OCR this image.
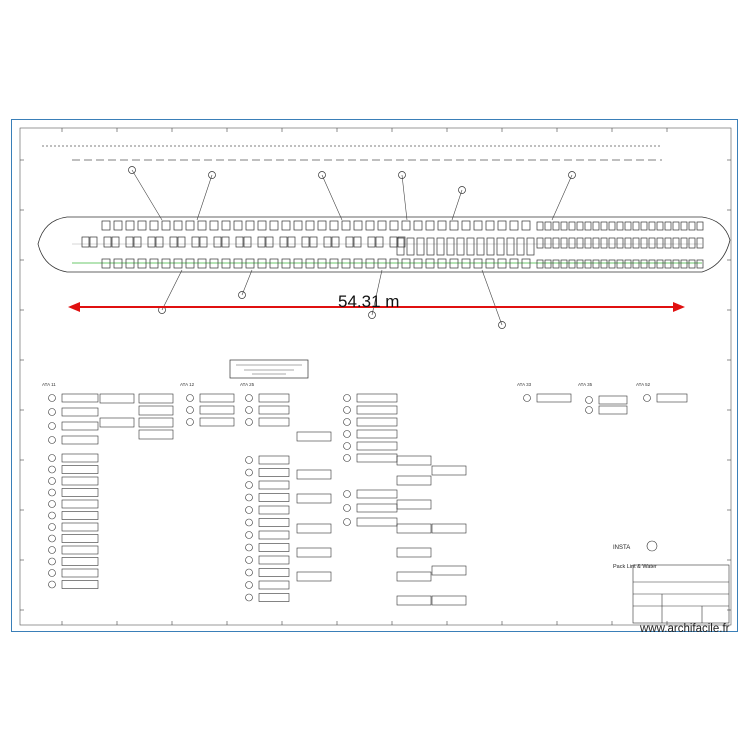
INSTA
Pack Lint & Water
ATA 11	ATA 12	ATA 25	ATA 33	ATA 35	ATA 52
54.31 m
www.archifacile.fr
